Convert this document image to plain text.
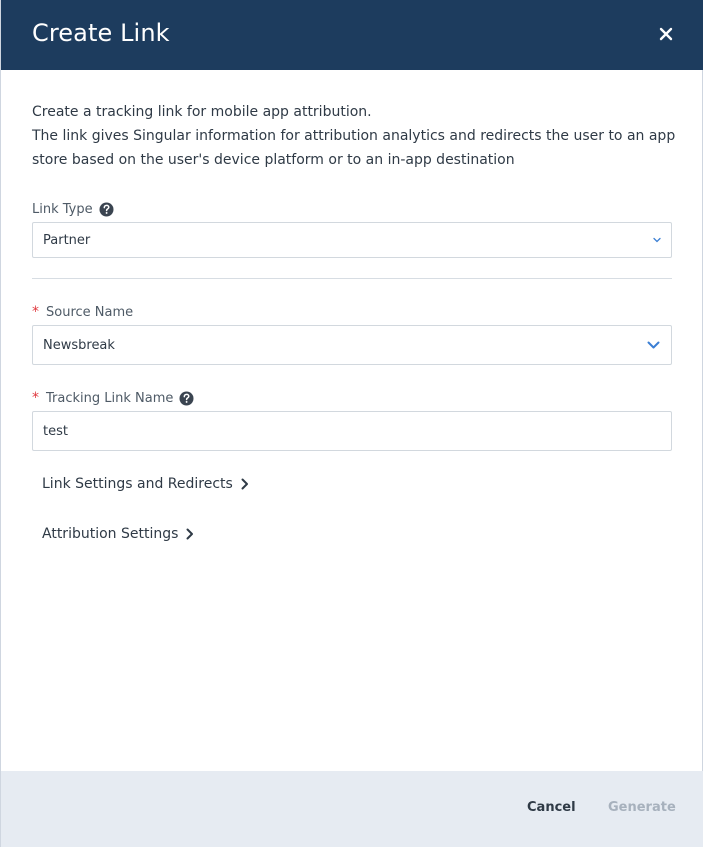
Create Link

Create a tracking link for mobile app attribution.

The link gives Singular information for attribution analytics and redirects the user to an app store based on the user's device platform or to an in-app destination

Link Type
Partner
* Source Name
Newsbreak
* Tracking Link Name
test
Link Settings and Redirects
Attribution Settings
Cancel Generate
